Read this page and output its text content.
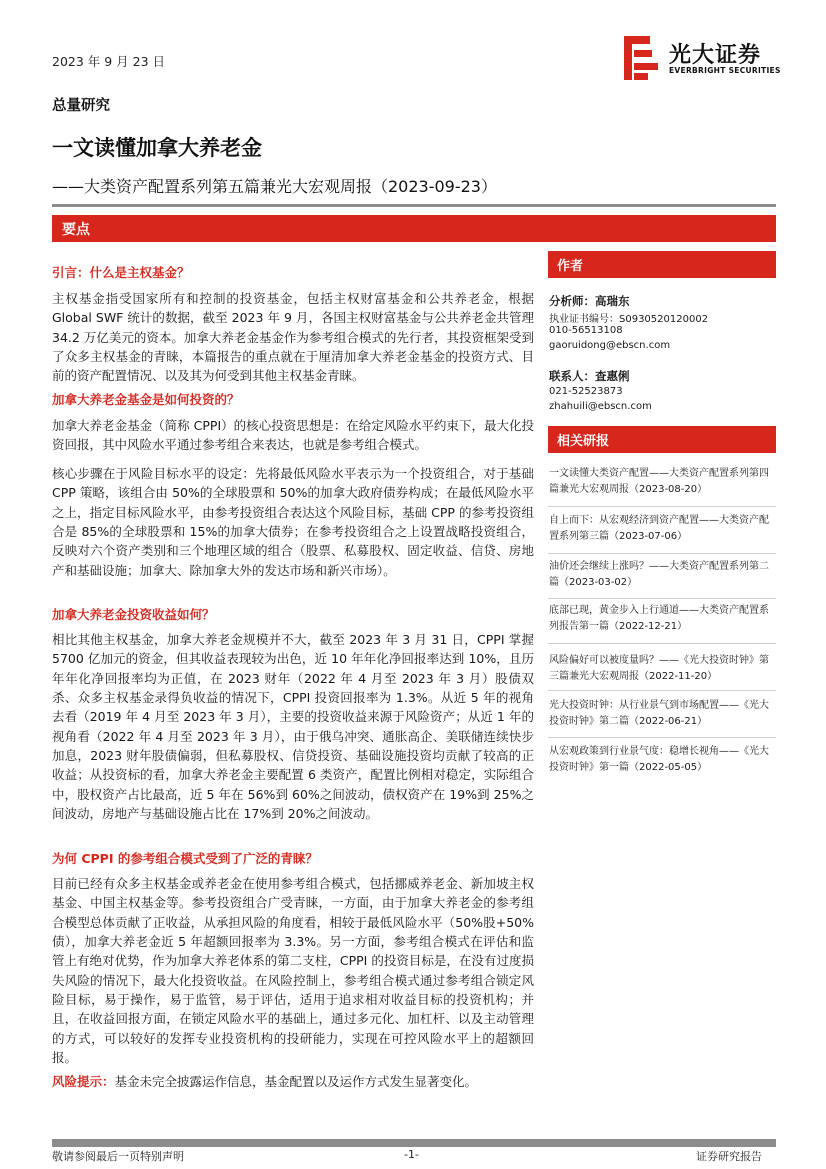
2023 年 9 月 23 日	光大证券
EVERBRIGHT SECURITIES
总量研究
一文读懂加拿大养老金
——大类资产配置系列第五篇兼光大宏观周报（2023-09-23）
要点
引言：什么是主权基金？

主权基金指受国家所有和控制的投资基金，包括主权财富基金和公共养老金，根据 Global SWF 统计的数据，截至 2023 年 9 月，各国主权财富基金与公共养老金共管理 34.2 万亿美元的资本。加拿大养老金基金作为参考组合模式的先行者，其投资框架受到了众多主权基金的青睐，本篇报告的重点就在于厘清加拿大养老金基金的投资方式、目前的资产配置情况、以及其为何受到其他主权基金青睐。

加拿大养老金基金是如何投资的？

加拿大养老金基金（简称 CPPI）的核心投资思想是：在给定风险水平约束下，最大化投资回报，其中风险水平通过参考组合来表达，也就是参考组合模式。

核心步骤在于风险目标水平的设定：先将最低风险水平表示为一个投资组合，对于基础 CPP 策略，该组合由 50%的全球股票和 50%的加拿大政府债券构成；在最低风险水平之上，指定目标风险水平，由参考投资组合表达这个风险目标，基础 CPP 的参考投资组合是 85%的全球股票和 15%的加拿大债券；在参考投资组合之上设置战略投资组合，反映对六个资产类别和三个地理区域的组合（股票、私募股权、固定收益、信贷、房地产和基础设施；加拿大、除加拿大外的发达市场和新兴市场）。

加拿大养老金投资收益如何？

相比其他主权基金，加拿大养老金规模并不大，截至 2023 年 3 月 31 日，CPPI 掌握 5700 亿加元的资金，但其收益表现较为出色，近 10 年年化净回报率达到 10%，且历年年化净回报率均为正值，在 2023 财年（2022 年 4 月至 2023 年 3 月）股债双杀、众多主权基金录得负收益的情况下，CPPI 投资回报率为 1.3%。从近 5 年的视角去看（2019 年 4 月至 2023 年 3 月），主要的投资收益来源于风险资产；从近 1 年的视角看（2022 年 4 月至 2023 年 3 月），由于俄乌冲突、通胀高企、美联储连续快步加息，2023 财年股债偏弱，但私募股权、信贷投资、基础设施投资均贡献了较高的正收益；从投资标的看，加拿大养老金主要配置 6 类资产，配置比例相对稳定，实际组合中，股权资产占比最高，近 5 年在 56%到 60%之间波动，债权资产在 19%到 25%之间波动，房地产与基础设施占比在 17%到 20%之间波动。

为何 CPPI 的参考组合模式受到了广泛的青睐？

目前已经有众多主权基金或养老金在使用参考组合模式，包括挪威养老金、新加坡主权基金、中国主权基金等。参考投资组合广受青睐，一方面，由于加拿大养老金的参考组合模型总体贡献了正收益，从承担风险的角度看，相较于最低风险水平（50%股+50%债），加拿大养老金近 5 年超额回报率为 3.3%。另一方面，参考组合模式在评估和监管上有绝对优势，作为加拿大养老体系的第二支柱，CPPI 的投资目标是，在没有过度损失风险的情况下，最大化投资收益。在风险控制上，参考组合模式通过参考组合锁定风险目标，易于操作，易于监管，易于评估，适用于追求相对收益目标的投资机构；并且，在收益回报方面，在锁定风险水平的基础上，通过多元化、加杠杆、以及主动管理的方式，可以较好的发挥专业投资机构的投研能力，实现在可控风险水平上的超额回报。

风险提示：基金未完全披露运作信息，基金配置以及运作方式发生显著变化。
作者
分析师：高瑞东
执业证书编号：S0930520120002
010-56513108
gaoruidong@ebscn.com
联系人：查惠俐
021-52523873
zhahuili@ebscn.com
相关研报
一文读懂大类资产配置——大类资产配置系列第四篇兼光大宏观周报（2023-08-20）
自上而下：从宏观经济到资产配置——大类资产配置系列第三篇（2023-07-06）
油价还会继续上涨吗？——大类资产配置系列第二篇（2023-03-02）
底部已现，黄金步入上行通道——大类资产配置系列报告第一篇（2022-12-21）
风险偏好可以被度量吗？——《光大投资时钟》第三篇兼光大宏观周报（2022-11-20）
光大投资时钟：从行业景气到市场配置——《光大投资时钟》第二篇（2022-06-21）
从宏观政策到行业景气度：稳增长视角——《光大投资时钟》第一篇（2022-05-05）
敬请参阅最后一页特别声明	-1-	证券研究报告
